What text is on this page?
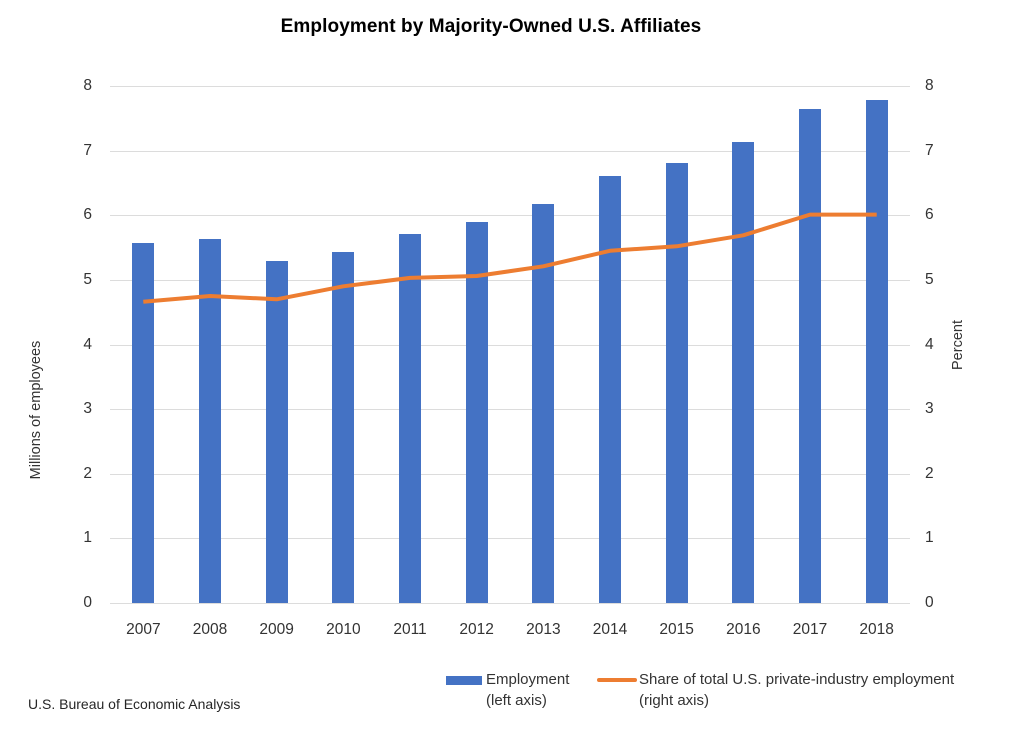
Employment by Majority-Owned U.S. Affiliates
Millions of employees	Percent
0	0
1	1
2	2
3	3
4	4
5	5
6	6
7	7
8	8
Employment
(left axis)
Share of total U.S. private-industry employment
(right axis)
U.S. Bureau of Economic Analysis
2007	2008	2009	2010	2011	2012	2013	2014	2015	2016	2017	2018
